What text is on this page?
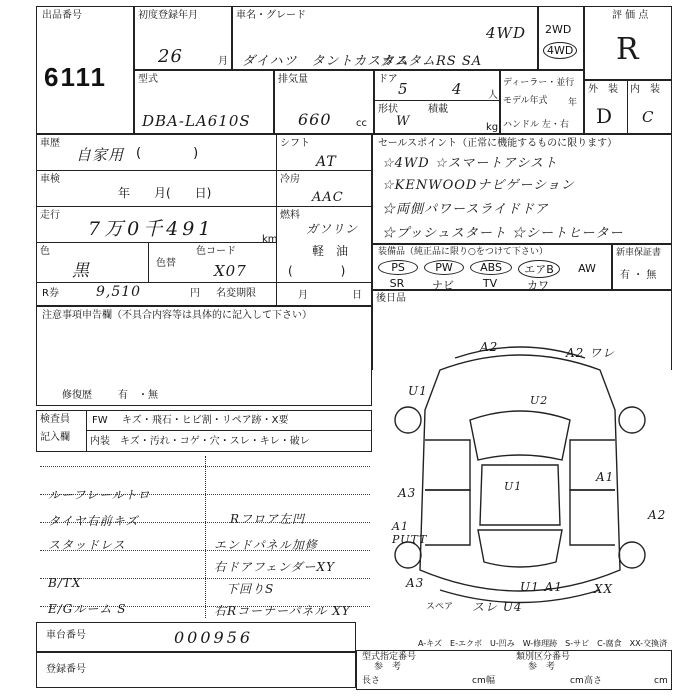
出品番号
6111
初度登録年月
26	月
車名・グレード
4WD
ダイハツ　タントカスタム
カスタムRS SA
2WD
4WD
評 価 点
R
型式
DBA-LA610S
排気量
660 cc
ドア
5	4	人
形状
W
積載
kg
ディーラー・並行
モデル年式 年
ハンドル 左・右
外　装 内　装
D C
車歴
自家用 (　　　　)
シフト
AT
車検
年　　月(　　日)
冷房
AAC
走行
7万0千491	km
燃料
ガソリン
軽　油
(　　　　)
色
黒	色替
色コード
X07
R券	9,510	円 名変期限	月	日
セールスポイント（正常に機能するものに限ります）
☆4WD ☆スマートアシスト
☆KENWOODナビゲーション
☆両側パワースライドドア
☆プッシュスタート ☆シートヒーター
装備品（純正品に限り○をつけて下さい）
PS	PW	ABS	エアB	AW
SR	ナビ	TV	カワ
新車保証書
有 ・ 無
後日品
注意事項申告欄（不具合内容等は具体的に記入して下さい）
修復歴	有　・無
検査員
記入欄
FW キズ・飛石・ヒビ割・リペア跡・X要
内装 キズ・汚れ・コゲ・穴・スレ・キレ・破レ
ルーフレールトロ
タイヤ右前キズ
スタッドレス
B/TX
E/Gルーム S
Rフロア左凹
エンドパネル加修
右ドアフェンダーXY
下回りS
右Rコーナーパネル XY
A2	A2 ワレ
U1
U2
A1
A3	U1
A2
A1 PUTT
A3	XX
U1 A1
スレ U4
スペア
A-キズ　E-エクボ　U-凹み　W-修理跡　S-サビ　C-腐食　XX-交換済
車台番号	000956
登録番号
型式指定番号
参　考
類別区分番号
参　考
長さ	cm 幅	cm 高さ	cm
